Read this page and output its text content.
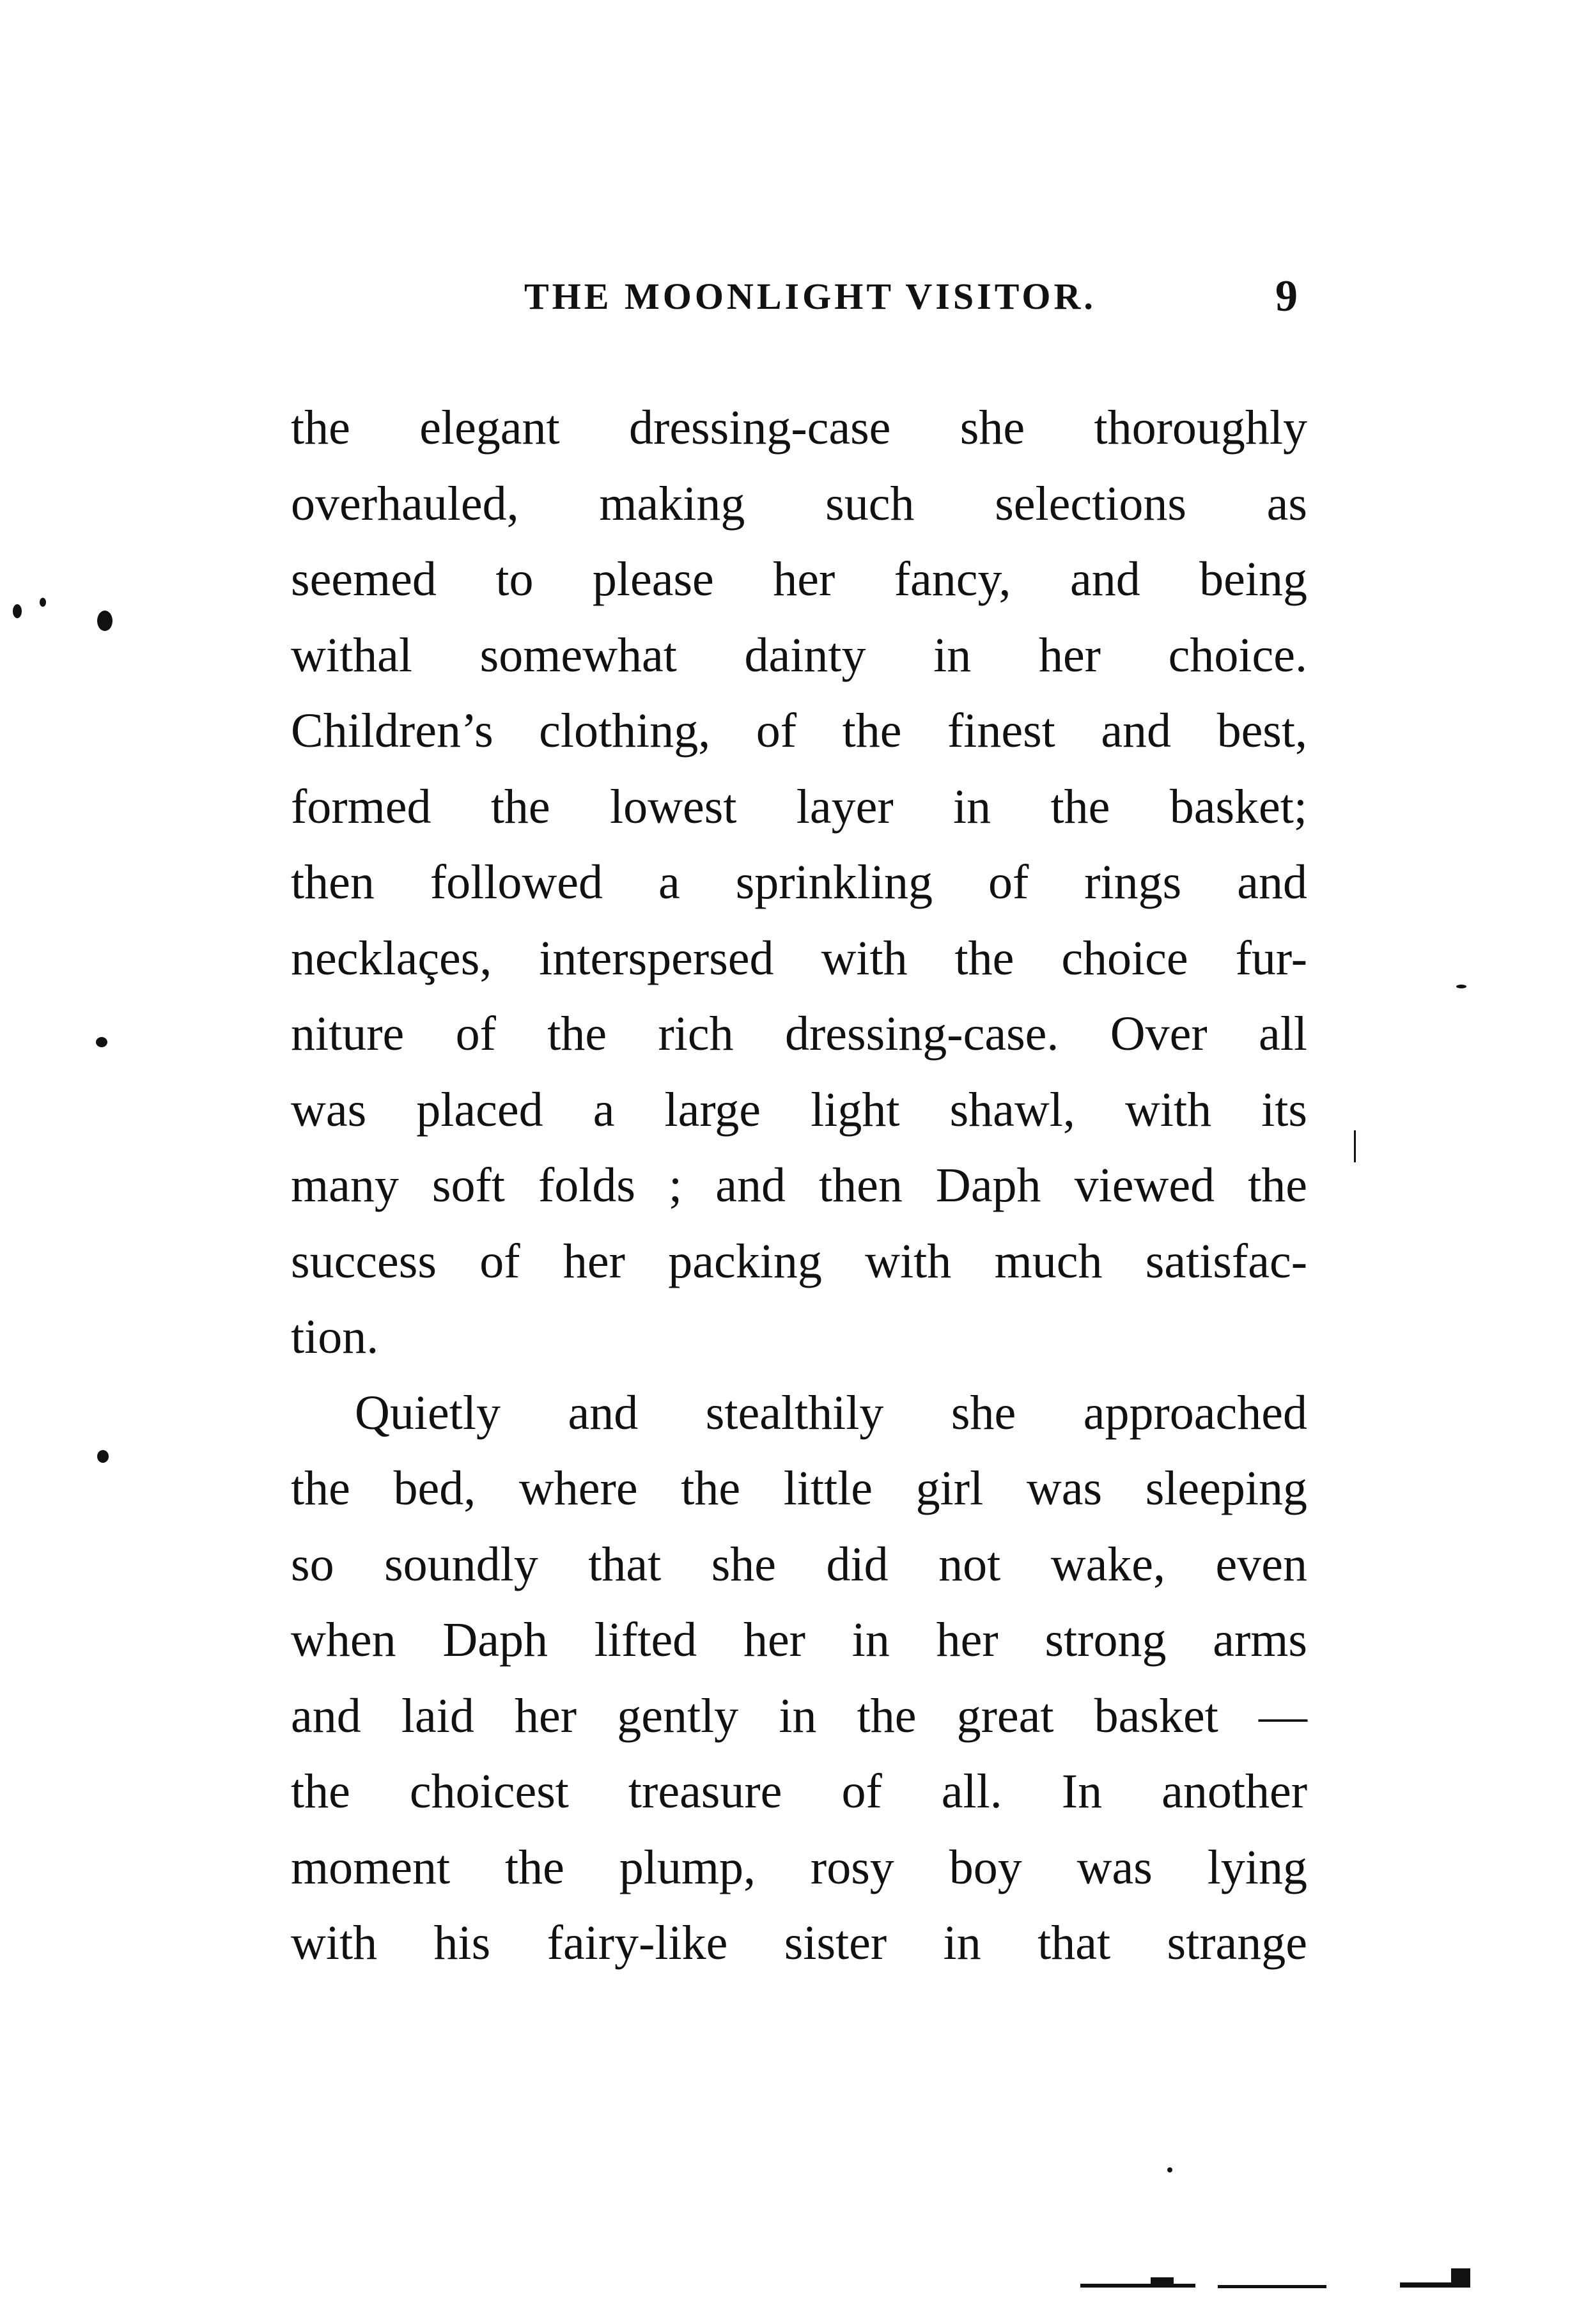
THE MOONLIGHT VISITOR.	9
the elegant dressing-case she thoroughly
overhauled, making such selections as
seemed to please her fancy, and being
withal somewhat dainty in her choice.
Children’s clothing, of the finest and best,
formed the lowest layer in the basket;
then followed a sprinkling of rings and
necklaçes, interspersed with the choice fur-
niture of the rich dressing-case. Over all
was placed a large light shawl, with its
many soft folds ; and then Daph viewed the
success of her packing with much satisfac-
tion.
Quietly and stealthily she approached
the bed, where the little girl was sleeping
so soundly that she did not wake, even
when Daph lifted her in her strong arms
and laid her gently in the great basket —
the choicest treasure of all. In another
moment the plump, rosy boy was lying
with his fairy-like sister in that strange
